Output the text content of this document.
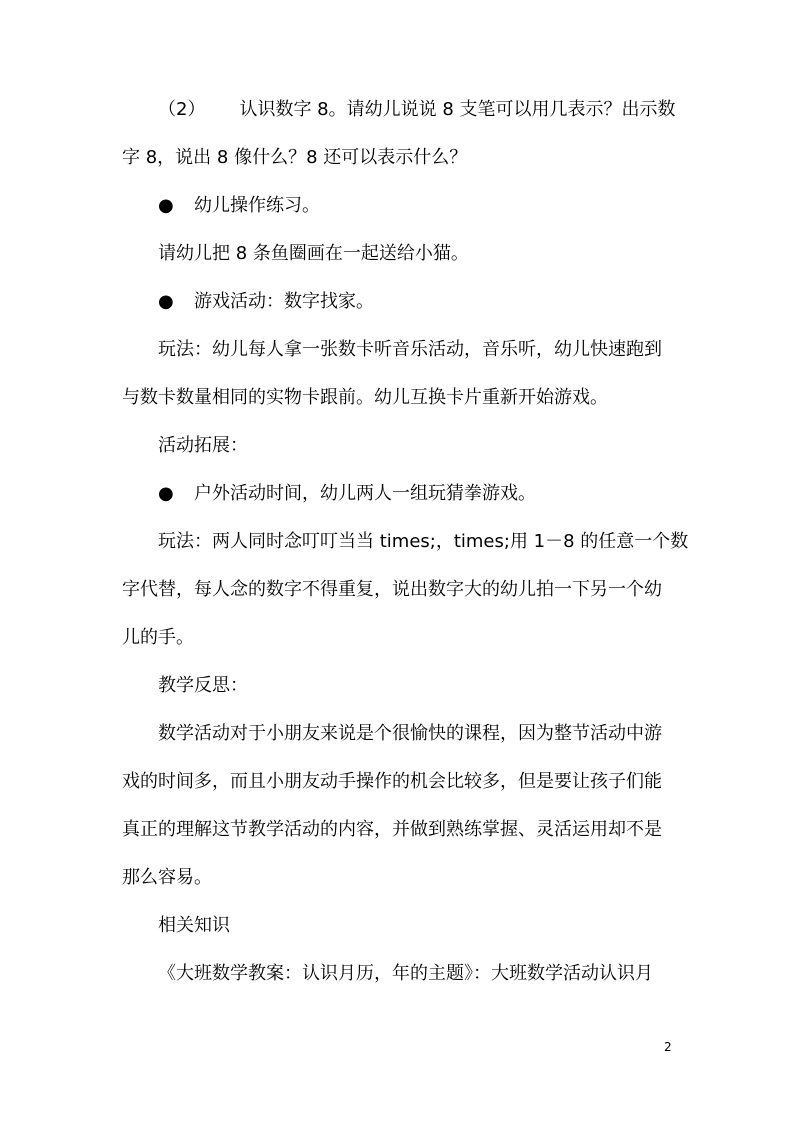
（2） 认识数字 8。请幼儿说说 8 支笔可以用几表示？出示数
字 8，说出 8 像什么？8 还可以表示什么？
● 幼儿操作练习。
请幼儿把 8 条鱼圈画在一起送给小猫。
● 游戏活动：数字找家。
玩法：幼儿每人拿一张数卡听音乐活动，音乐听，幼儿快速跑到
与数卡数量相同的实物卡跟前。幼儿互换卡片重新开始游戏。
活动拓展：
● 户外活动时间，幼儿两人一组玩猜拳游戏。
玩法：两人同时念叮叮当当 times;，times;用 1－8 的任意一个数
字代替，每人念的数字不得重复，说出数字大的幼儿拍一下另一个幼
儿的手。
教学反思：
数学活动对于小朋友来说是个很愉快的课程，因为整节活动中游
戏的时间多，而且小朋友动手操作的机会比较多，但是要让孩子们能
真正的理解这节教学活动的内容，并做到熟练掌握、灵活运用却不是
那么容易。
相关知识
《大班数学教案：认识月历，年的主题》：大班数学活动认识月
2
